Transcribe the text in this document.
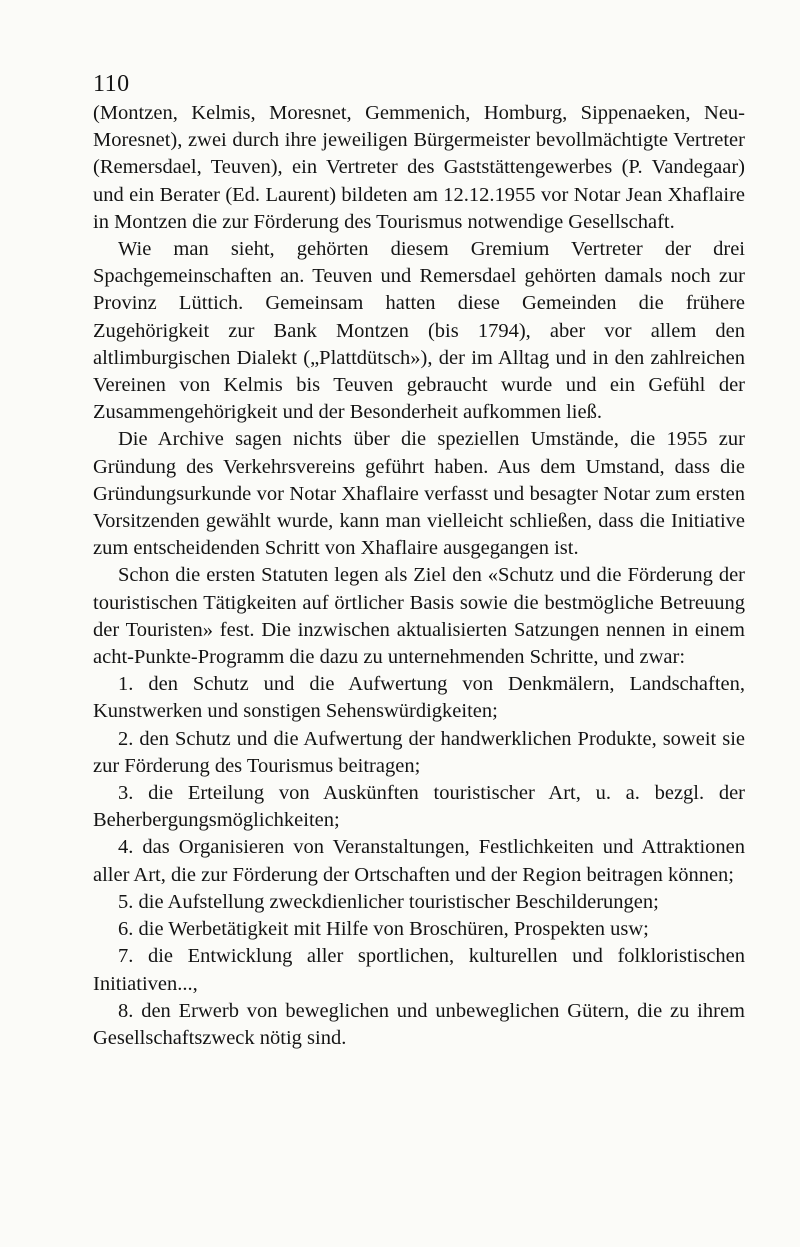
110

(Montzen, Kelmis, Moresnet, Gemmenich, Homburg, Sippenaeken, Neu-Moresnet), zwei durch ihre jeweiligen Bürgermeister bevollmächtigte Vertreter (Remersdael, Teuven), ein Vertreter des Gaststättengewerbes (P. Vandegaar) und ein Berater (Ed. Laurent) bildeten am 12.12.1955 vor Notar Jean Xhaflaire in Montzen die zur Förderung des Tourismus notwendige Gesellschaft.

Wie man sieht, gehörten diesem Gremium Vertreter der drei Spachgemeinschaften an. Teuven und Remersdael gehörten damals noch zur Provinz Lüttich. Gemeinsam hatten diese Gemeinden die frühere Zugehörigkeit zur Bank Montzen (bis 1794), aber vor allem den altlimburgischen Dialekt („Plattdütsch»), der im Alltag und in den zahlreichen Vereinen von Kelmis bis Teuven gebraucht wurde und ein Gefühl der Zusammengehörigkeit und der Besonderheit aufkommen ließ.

Die Archive sagen nichts über die speziellen Umstände, die 1955 zur Gründung des Verkehrsvereins geführt haben. Aus dem Umstand, dass die Gründungsurkunde vor Notar Xhaflaire verfasst und besagter Notar zum ersten Vorsitzenden gewählt wurde, kann man vielleicht schließen, dass die Initiative zum entscheidenden Schritt von Xhaflaire ausgegangen ist.

Schon die ersten Statuten legen als Ziel den «Schutz und die Förderung der touristischen Tätigkeiten auf örtlicher Basis sowie die bestmögliche Betreuung der Touristen» fest. Die inzwischen aktualisierten Satzungen nennen in einem acht-Punkte-Programm die dazu zu unternehmenden Schritte, und zwar:

1. den Schutz und die Aufwertung von Denkmälern, Landschaften, Kunstwerken und sonstigen Sehenswürdigkeiten;

2. den Schutz und die Aufwertung der handwerklichen Produkte, soweit sie zur Förderung des Tourismus beitragen;

3. die Erteilung von Auskünften touristischer Art, u. a. bezgl. der Beherbergungsmöglichkeiten;

4. das Organisieren von Veranstaltungen, Festlichkeiten und Attraktionen aller Art, die zur Förderung der Ortschaften und der Region beitragen können;

5. die Aufstellung zweckdienlicher touristischer Beschilderungen;

6. die Werbetätigkeit mit Hilfe von Broschüren, Prospekten usw;

7. die Entwicklung aller sportlichen, kulturellen und folkloristischen Initiativen...,

8. den Erwerb von beweglichen und unbeweglichen Gütern, die zu ihrem Gesellschaftszweck nötig sind.
